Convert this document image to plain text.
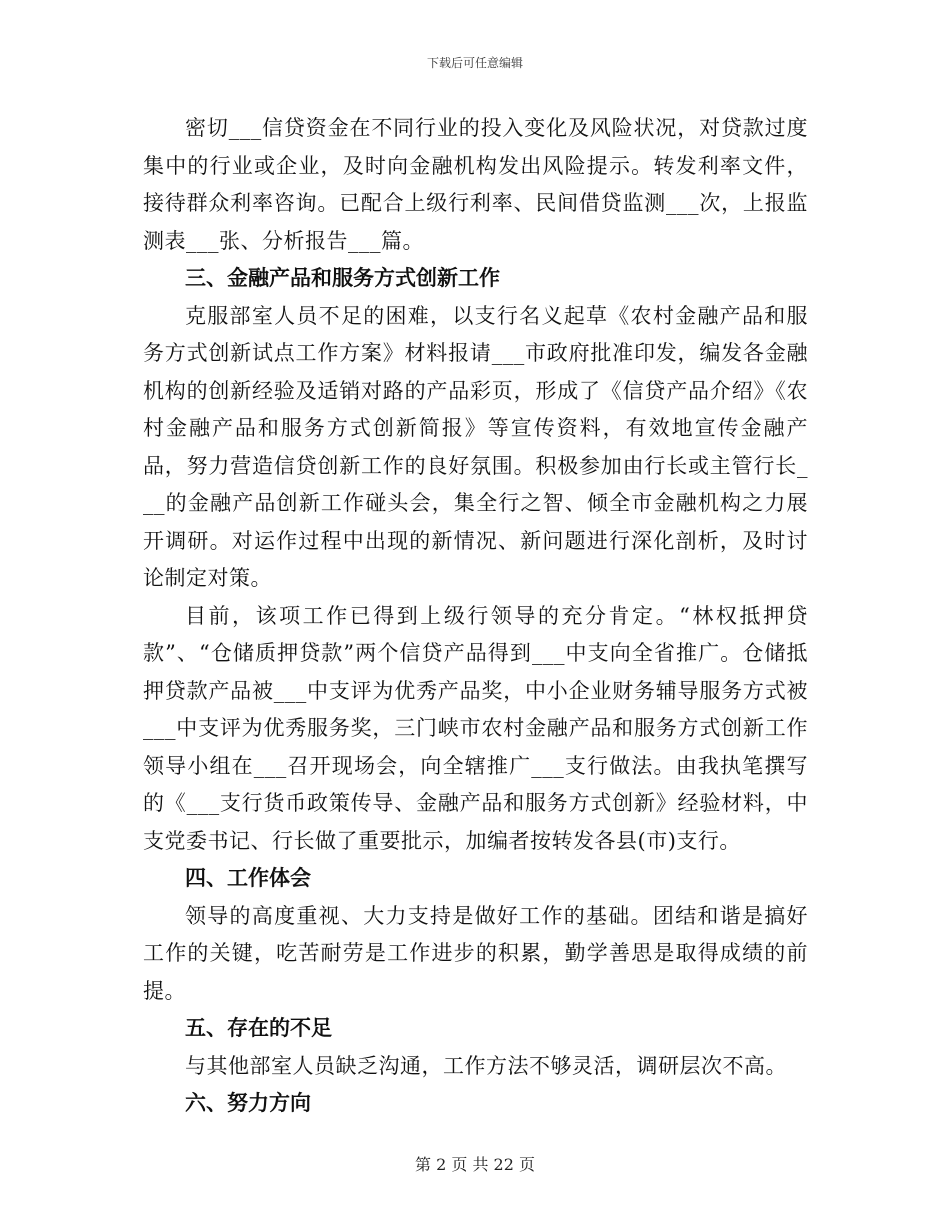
下载后可任意编辑

密切___信贷资金在不同行业的投入变化及风险状况，对贷款过度集中的行业或企业，及时向金融机构发出风险提示。转发利率文件，接待群众利率咨询。已配合上级行利率、民间借贷监测___次，上报监测表___张、分析报告___篇。

三、金融产品和服务方式创新工作

克服部室人员不足的困难，以支行名义起草《农村金融产品和服务方式创新试点工作方案》材料报请___市政府批准印发，编发各金融机构的创新经验及适销对路的产品彩页，形成了《信贷产品介绍》《农村金融产品和服务方式创新简报》等宣传资料，有效地宣传金融产品，努力营造信贷创新工作的良好氛围。积极参加由行长或主管行长___的金融产品创新工作碰头会，集全行之智、倾全市金融机构之力展开调研。对运作过程中出现的新情况、新问题进行深化剖析，及时讨论制定对策。

目前，该项工作已得到上级行领导的充分肯定。“林权抵押贷款”、“仓储质押贷款”两个信贷产品得到___中支向全省推广。仓储抵押贷款产品被___中支评为优秀产品奖，中小企业财务辅导服务方式被___中支评为优秀服务奖，三门峡市农村金融产品和服务方式创新工作领导小组在___召开现场会，向全辖推广___支行做法。由我执笔撰写的《___支行货币政策传导、金融产品和服务方式创新》经验材料，中支党委书记、行长做了重要批示，加编者按转发各县(市)支行。

四、工作体会

领导的高度重视、大力支持是做好工作的基础。团结和谐是搞好工作的关键，吃苦耐劳是工作进步的积累，勤学善思是取得成绩的前提。

五、存在的不足

与其他部室人员缺乏沟通，工作方法不够灵活，调研层次不高。

六、努力方向

第 2 页 共 22 页
